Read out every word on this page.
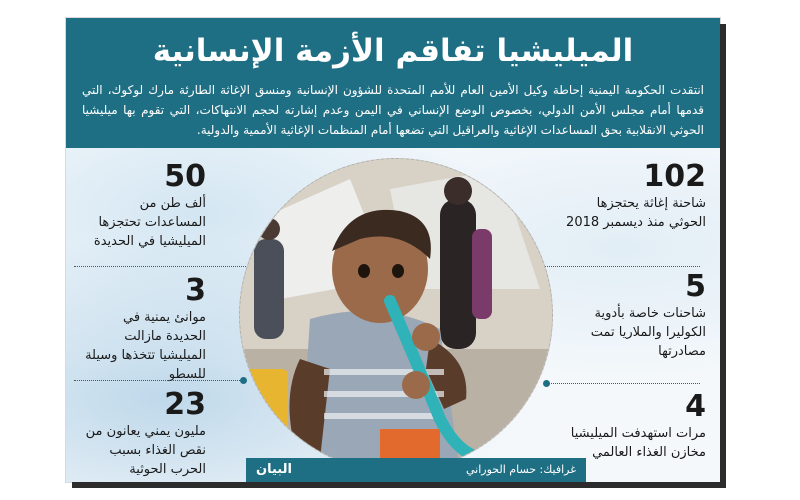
الميليشيا تفاقم الأزمة الإنسانية
انتقدت الحكومة اليمنية إحاطة وكيل الأمين العام للأمم المتحدة للشؤون الإنسانية ومنسق الإغاثة الطارئة مارك لوكوك، التي قدمها أمام مجلس الأمن الدولي، بخصوص الوضع الإنساني في اليمن وعدم إشارته لحجم الانتهاكات، التي تقوم بها ميليشيا الحوثي الانقلابية بحق المساعدات الإغاثية والعراقيل التي تضعها أمام المنظمات الإغاثية الأممية والدولية.
102
شاحنة إغاثة يحتجزها الحوثي منذ ديسمبر 2018
5
شاحنات خاصة بأدوية الكوليرا والملاريا تمت مصادرتها
4
مرات استهدفت الميليشيا مخازن الغذاء العالمي
50
ألف طن من المساعدات تحتجزها الميليشيا في الحديدة
3
موانئ يمنية في الحديدة مازالت الميليشيا تتخذها وسيلة للسطو
23
مليون يمني يعانون من نقص الغذاء بسبب الحرب الحوثية	غرافيك: حسام الحوراني
البيان
